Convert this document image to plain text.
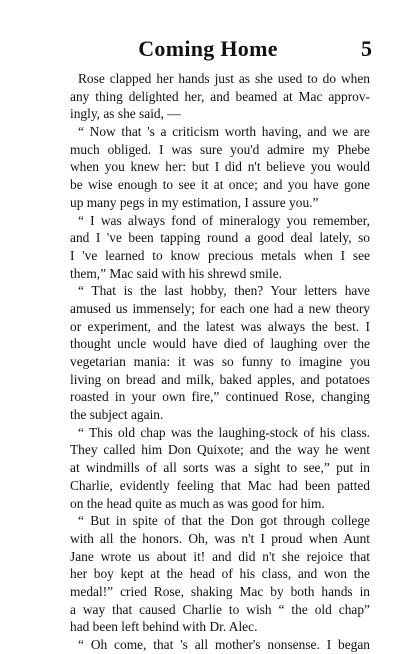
Coming Home	5
Rose clapped her hands just as she used to do when
any thing delighted her, and beamed at Mac approv-
ingly, as she said, —
“ Now that 's a criticism worth having, and we are
much obliged. I was sure you'd admire my Phebe
when you knew her: but I did n't believe you would
be wise enough to see it at once; and you have gone
up many pegs in my estimation, I assure you.”
“ I was always fond of mineralogy you remember,
and I 've been tapping round a good deal lately, so
I 've learned to know precious metals when I see
them,” Mac said with his shrewd smile.
“ That is the last hobby, then? Your letters have
amused us immensely; for each one had a new theory
or experiment, and the latest was always the best. I
thought uncle would have died of laughing over the
vegetarian mania: it was so funny to imagine you
living on bread and milk, baked apples, and potatoes
roasted in your own fire,” continued Rose, changing
the subject again.
“ This old chap was the laughing-stock of his class.
They called him Don Quixote; and the way he went
at windmills of all sorts was a sight to see,” put in
Charlie, evidently feeling that Mac had been patted
on the head quite as much as was good for him.
“ But in spite of that the Don got through college
with all the honors. Oh, was n't I proud when Aunt
Jane wrote us about it! and did n't she rejoice that
her boy kept at the head of his class, and won the
medal!” cried Rose, shaking Mac by both hands in
a way that caused Charlie to wish “ the old chap”
had been left behind with Dr. Alec.
“ Oh come, that 's all mother's nonsense. I began
